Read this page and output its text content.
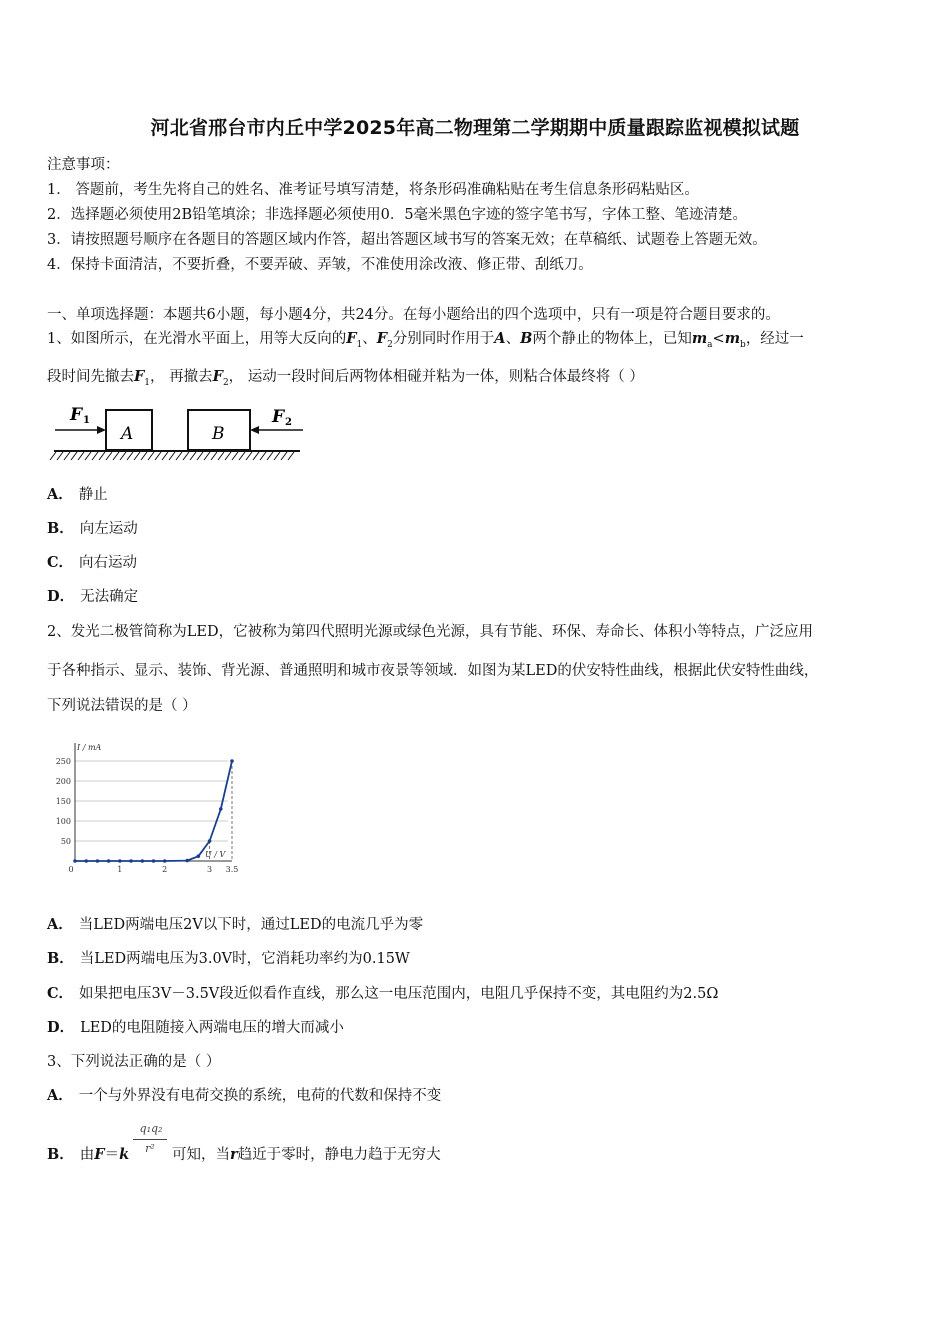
河北省邢台市内丘中学2025年高二物理第二学期期中质量跟踪监视模拟试题
注意事项：
1． 答题前，考生先将自己的姓名、准考证号填写清楚，将条形码准确粘贴在考生信息条形码粘贴区。
2．选择题必须使用2B铅笔填涂；非选择题必须使用0．5毫米黑色字迹的签字笔书写，字体工整、笔迹清楚。
3．请按照题号顺序在各题目的答题区域内作答，超出答题区域书写的答案无效；在草稿纸、试题卷上答题无效。
4．保持卡面清洁，不要折叠，不要弄破、弄皱，不准使用涂改液、修正带、刮纸刀。
一、单项选择题：本题共6小题，每小题4分，共24分。在每小题给出的四个选项中，只有一项是符合题目要求的。
1、如图所示，在光滑水平面上，用等大反向的$F_1$、$F_2$分别同时作用于A、B两个静止的物体上，已知$m_a<m_b$，经过一
段时间先撤去$F_1$， 再撤去$F_2$， 运动一段时间后两物体相碰并粘为一体，则粘合体最终将（ ）
F 1
A	B
F 2
A． 静止
B． 向左运动
C． 向右运动
D． 无法确定
2、发光二极管简称为LED，它被称为第四代照明光源或绿色光源，具有节能、环保、寿命长、体积小等特点，广泛应用
于各种指示、显示、装饰、背光源、普通照明和城市夜景等领域．如图为某LED的伏安特性曲线，根据此伏安特性曲线，
下列说法错误的是（ ）
50
100
150
200
250
I / mA
U / V
0	1	2	3 3.5
A． 当LED两端电压2V以下时，通过LED的电流几乎为零
B． 当LED两端电压为3.0V时，它消耗功率约为0.15W
C． 如果把电压3V－3.5V段近似看作直线，那么这一电压范围内，电阻几乎保持不变，其电阻约为2.5Ω
D． LED的电阻随接入两端电压的增大而减小
3、下列说法正确的是（ ）
A． 一个与外界没有电荷交换的系统，电荷的代数和保持不变
B． 由F＝k
q₁q₂
r²	可知，当r趋近于零时，静电力趋于无穷大
